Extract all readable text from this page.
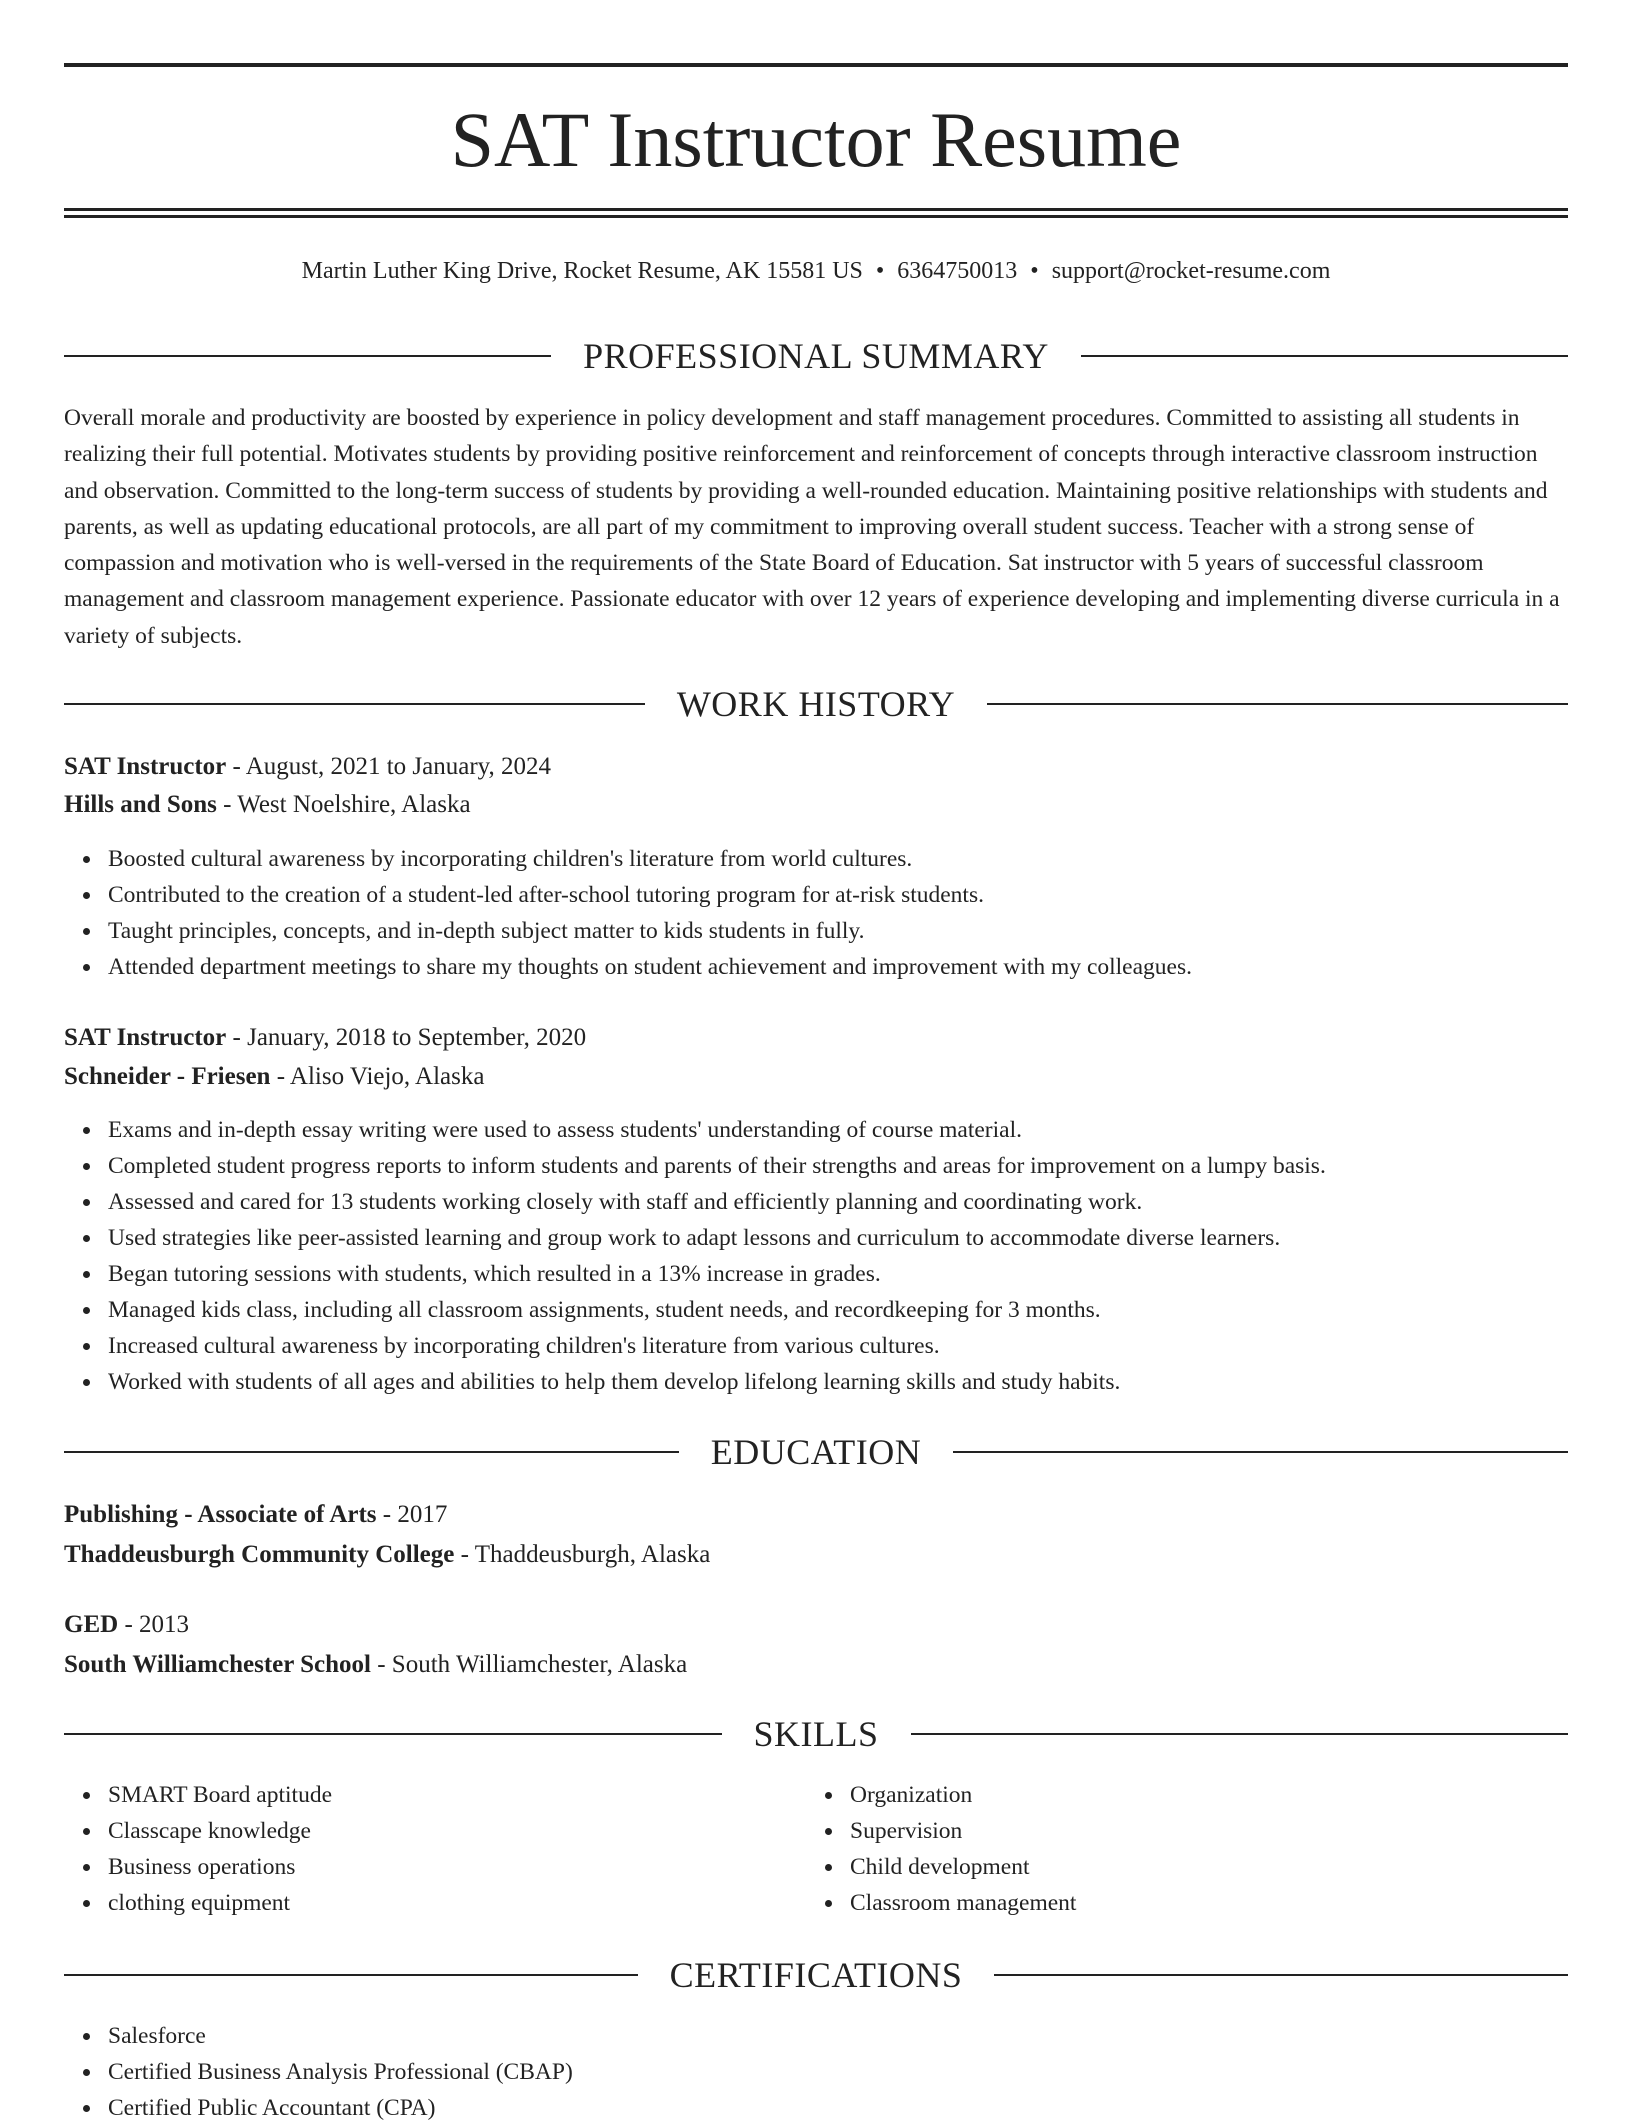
SAT Instructor Resume
Martin Luther King Drive, Rocket Resume, AK 15581 US • 6364750013 • support@rocket-resume.com
PROFESSIONAL SUMMARY

Overall morale and productivity are boosted by experience in policy development and staff management procedures. Committed to assisting all students in realizing their full potential. Motivates students by providing positive reinforcement and reinforcement of concepts through interactive classroom instruction and observation. Committed to the long-term success of students by providing a well-rounded education. Maintaining positive relationships with students and parents, as well as updating educational protocols, are all part of my commitment to improving overall student success. Teacher with a strong sense of compassion and motivation who is well-versed in the requirements of the State Board of Education. Sat instructor with 5 years of successful classroom management and classroom management experience. Passionate educator with over 12 years of experience developing and implementing diverse curricula in a variety of subjects.

WORK HISTORY
SAT Instructor - August, 2021 to January, 2024
Hills and Sons - West Noelshire, Alaska
Boosted cultural awareness by incorporating children's literature from world cultures.
Contributed to the creation of a student-led after-school tutoring program for at-risk students.
Taught principles, concepts, and in-depth subject matter to kids students in fully.
Attended department meetings to share my thoughts on student achievement and improvement with my colleagues.
SAT Instructor - January, 2018 to September, 2020
Schneider - Friesen - Aliso Viejo, Alaska
Exams and in-depth essay writing were used to assess students' understanding of course material.
Completed student progress reports to inform students and parents of their strengths and areas for improvement on a lumpy basis.
Assessed and cared for 13 students working closely with staff and efficiently planning and coordinating work.
Used strategies like peer-assisted learning and group work to adapt lessons and curriculum to accommodate diverse learners.
Began tutoring sessions with students, which resulted in a 13% increase in grades.
Managed kids class, including all classroom assignments, student needs, and recordkeeping for 3 months.
Increased cultural awareness by incorporating children's literature from various cultures.
Worked with students of all ages and abilities to help them develop lifelong learning skills and study habits.
EDUCATION
Publishing - Associate of Arts - 2017
Thaddeusburgh Community College - Thaddeusburgh, Alaska
GED - 2013
South Williamchester School - South Williamchester, Alaska
SKILLS
SMART Board aptitude
Classcape knowledge
Business operations
clothing equipment
Organization
Supervision
Child development
Classroom management
CERTIFICATIONS
Salesforce
Certified Business Analysis Professional (CBAP)
Certified Public Accountant (CPA)
